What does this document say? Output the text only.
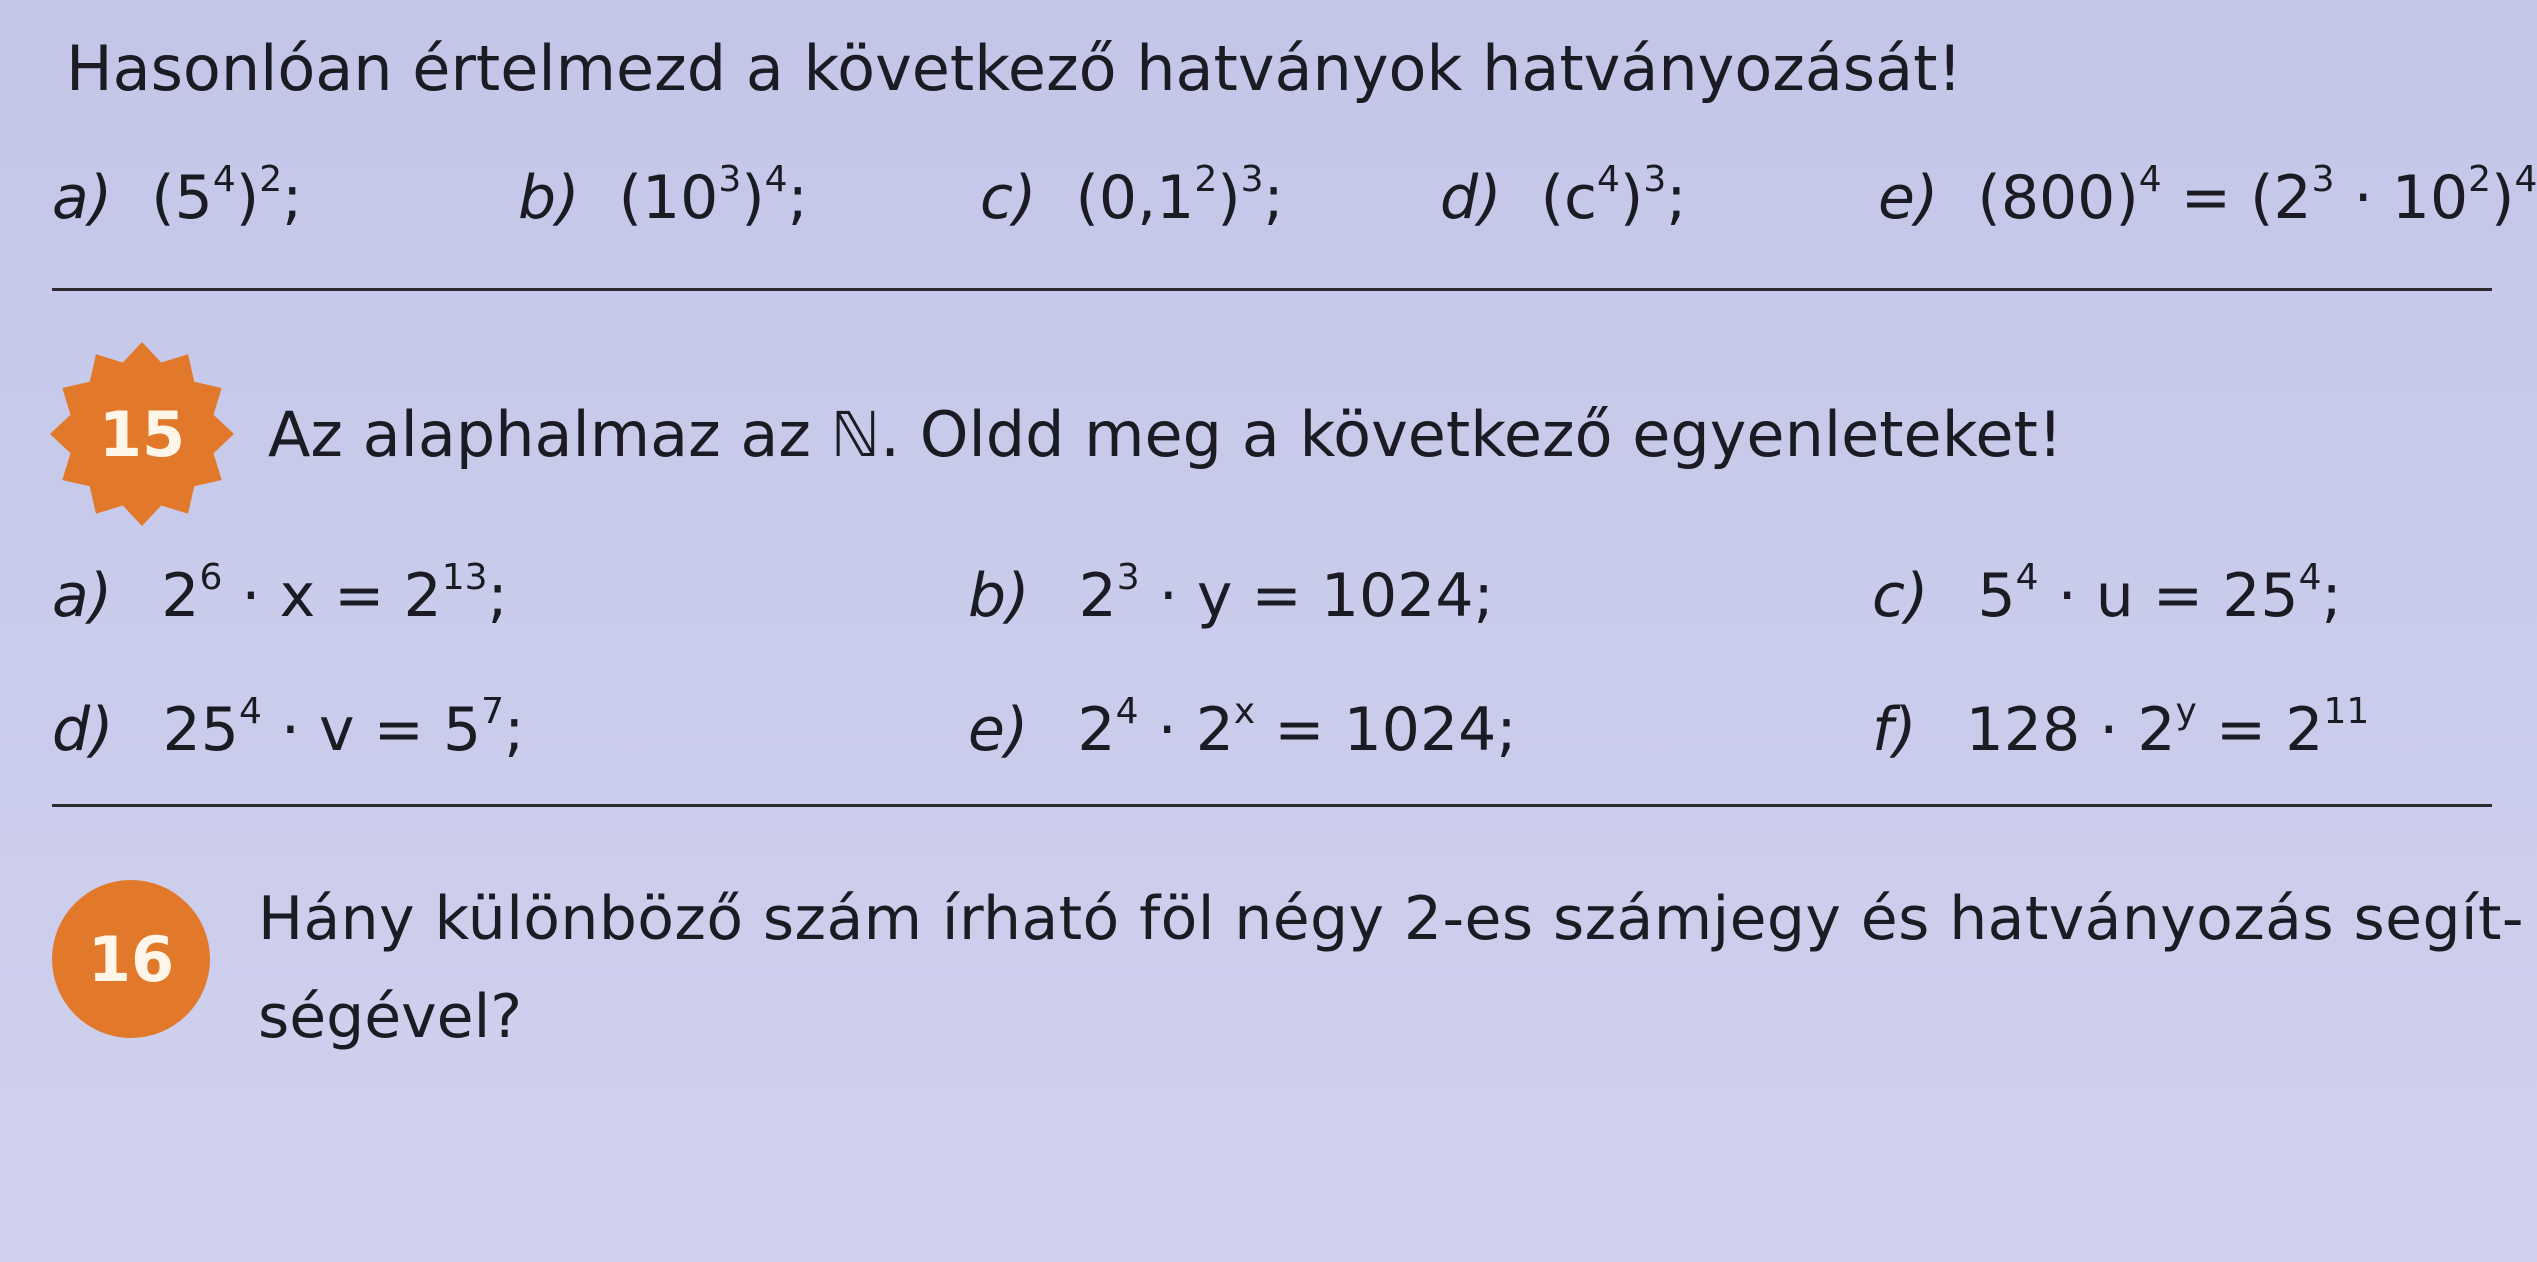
Hasonlóan értelmezd a következő hatványok hatványozását!
a) $(5^4)^2$;	b) $(10^3)^4$;	c) $(0,1^2)^3$;	d) $(c^4)^3$;	e) $(800)^4 = (2^3 \cdot 10^2)^4$
15 Az alaphalmaz az ℕ. Oldd meg a következő egyenleteket!
a) $2^6 \cdot x = 2^{13}$;	b) $2^3 \cdot y = 1024$;	c) $5^4 \cdot u = 25^4$;
d) $25^4 \cdot v = 5^7$;	e) $2^4 \cdot 2^x = 1024$;	f) $128 \cdot 2^y = 2^{11}$
16
Hány különböző szám írható föl négy 2-es számjegy és hatványozás segít-
ségével?
